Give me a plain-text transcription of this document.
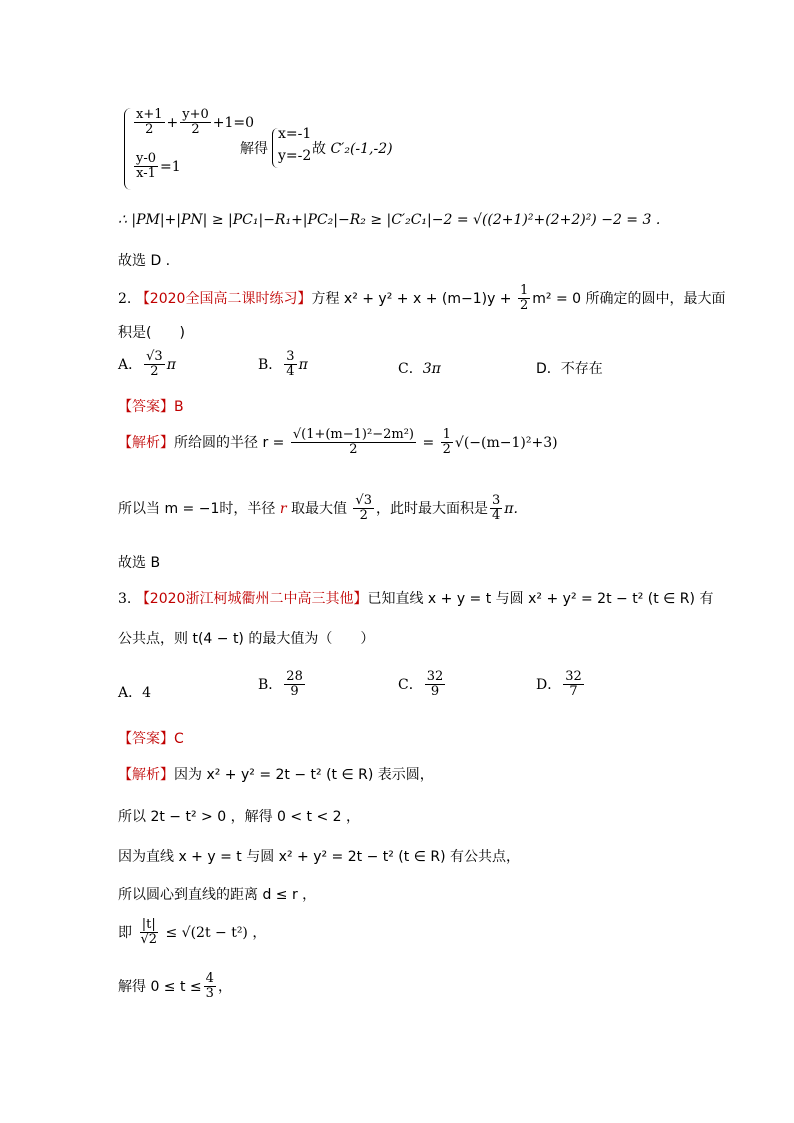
$\frac{x+1}{2} + \frac{y+0}{2} +1=0$
$\frac{y-0}{x-1} =1$
解得
x=-1
y=-2 故 C′₂(-1,-2)
∴ |PM|+|PN| ≥ |PC₁|−R₁+|PC₂|−R₂ ≥ |C′₂C₁|−2 = √((2+1)²+(2+2)²) −2 = 3 .
故选 D .
2. 【2020全国高二课时练习】方程 $x^2 + y^2 + x + (m-1)y + \frac{1}{2} m^2 = 0$ 所确定的圆中，最大面
积是(　　)
A． $\frac{√3}{2}$ π	B． $\frac{3}{4}$ π	C．3π	D．不存在
【答案】B
【解析】所给圆的半径 $r = \frac{\text{√(1+(m−1)²−2m²)}}{2} = \frac{1}{2} √(-(m-1)^2+3)$
所以当 m = −1时，半径 r 取最大值 $\frac{√3}{2}$ ，此时最大面积是 $\frac{3}{4} \pi$.
故选 B
3. 【2020浙江柯城衢州二中高三其他】已知直线 x + y = t 与圆 x² + y² = 2t − t² (t ∈ R) 有
公共点，则 t(4 − t) 的最大值为（　　）
A．4
B． $\frac{28}{9}$	C． $\frac{32}{9}$	D． $\frac{32}{7}$
【答案】C
【解析】因为 x² + y² = 2t − t² (t ∈ R) 表示圆，
所以 2t − t² > 0 ，解得 0 < t < 2 ，
因为直线 x + y = t 与圆 x² + y² = 2t − t² (t ∈ R) 有公共点，
所以圆心到直线的距离 d ≤ r ，
即 $\frac{|t|}{√2} \le √(2t - t^2)$ ，
解得 $0 \le t \le \frac{4}{3}$ ，
